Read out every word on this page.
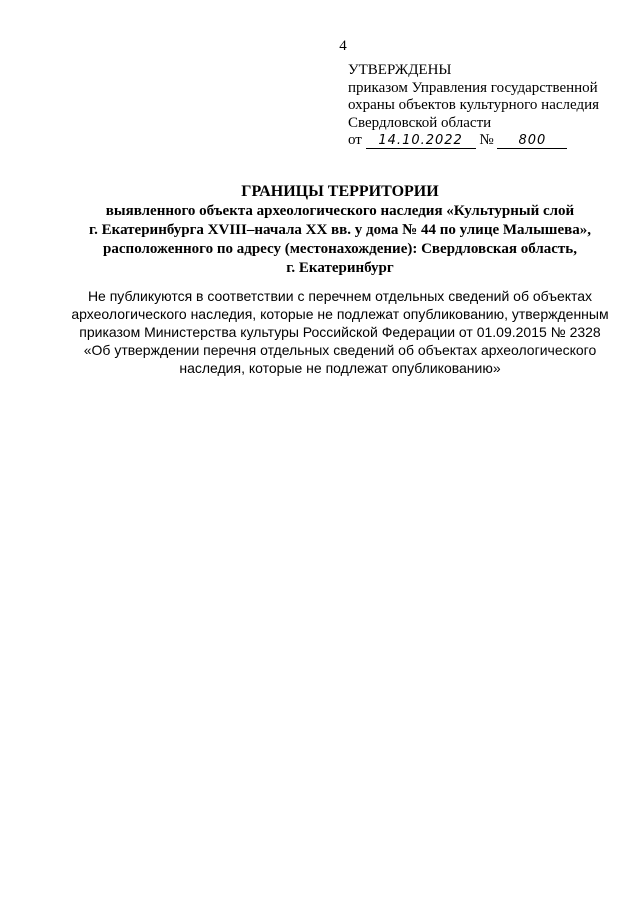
4
УТВЕРЖДЕНЫ
приказом Управления государственной
охраны объектов культурного наследия
Свердловской области
от 14.10.2022 № 800
ГРАНИЦЫ ТЕРРИТОРИИ
выявленного объекта археологического наследия «Культурный слой
г. Екатеринбурга XVIII–начала XX вв. у дома № 44 по улице Малышева»,
расположенного по адресу (местонахождение): Свердловская область,
г. Екатеринбург
Не публикуются в соответствии с перечнем отдельных сведений об объектах
археологического наследия, которые не подлежат опубликованию, утвержденным
приказом Министерства культуры Российской Федерации от 01.09.2015 № 2328
«Об утверждении перечня отдельных сведений об объектах археологического
наследия, которые не подлежат опубликованию»
